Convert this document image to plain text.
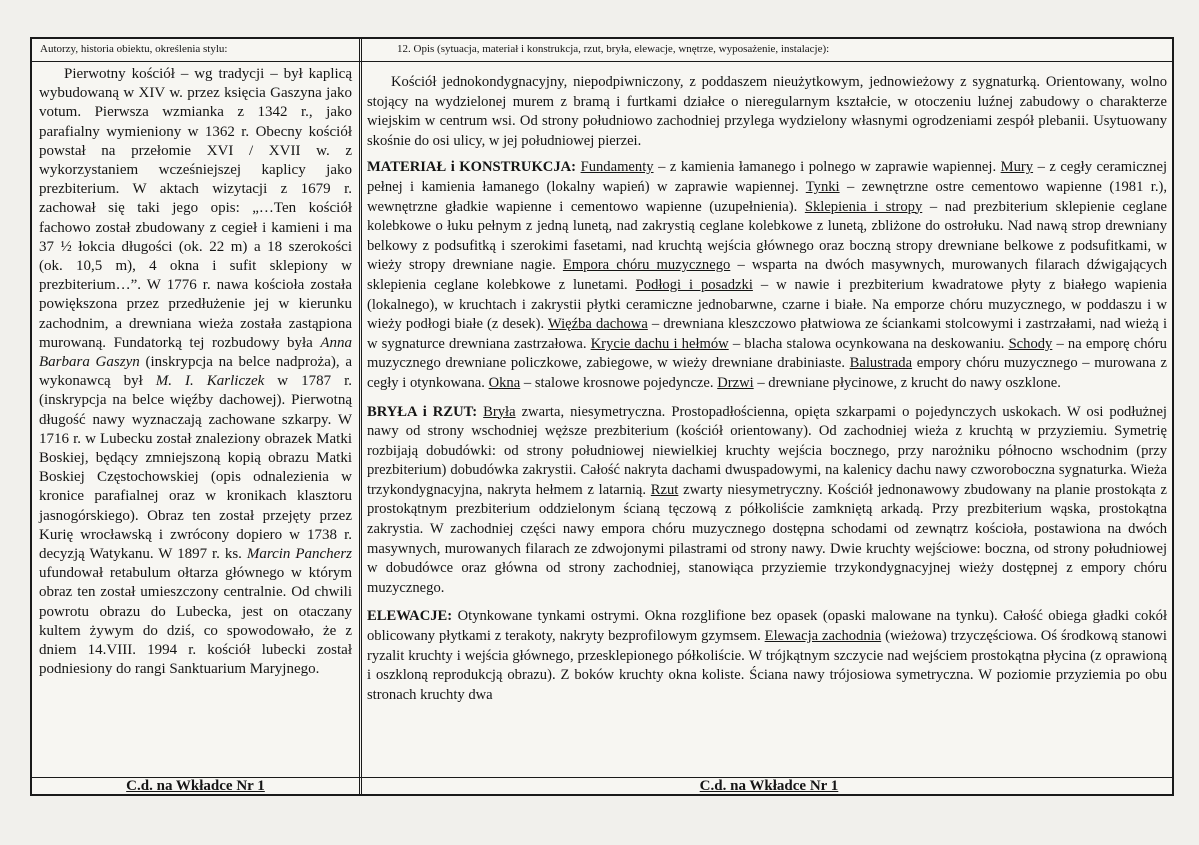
Autorzy, historia obiektu, określenia stylu:	12. Opis (sytuacja, materiał i konstrukcja, rzut, bryła, elewacje, wnętrze, wyposażenie, instalacje):

Pierwotny kościół – wg tradycji – był kaplicą wybudowaną w XIV w. przez księcia Gaszyna jako votum. Pierwsza wzmianka z 1342 r., jako parafialny wymieniony w 1362 r. Obecny kościół powstał na przełomie XVI / XVII w. z wykorzystaniem wcześniejszej kaplicy jako prezbiterium. W aktach wizytacji z 1679 r. zachował się taki jego opis: „…Ten kościół fachowo został zbudowany z cegieł i kamieni i ma 37 ½ łokcia długości (ok. 22 m) a 18 szerokości (ok. 10,5 m), 4 okna i sufit sklepiony w prezbiterium…”. W 1776 r. nawa kościoła została powiększona przez przedłużenie jej w kierunku zachodnim, a drewniana wieża została zastąpiona murowaną. Fundatorką tej rozbudowy była Anna Barbara Gaszyn (inskrypcja na belce nadproża), a wykonawcą był M. I. Karliczek w 1787 r. (inskrypcja na belce więźby dachowej). Pierwotną długość nawy wyznaczają zachowane szkarpy. W 1716 r. w Lubecku został znaleziony obrazek Matki Boskiej, będący zmniejszoną kopią obrazu Matki Boskiej Częstochowskiej (opis odnalezienia w kronice parafialnej oraz w kronikach klasztoru jasnogórskiego). Obraz ten został przejęty przez Kurię wrocławską i zwrócony dopiero w 1738 r. decyzją Watykanu. W 1897 r. ks. Marcin Pancherz ufundował retabulum ołtarza głównego w którym obraz ten został umieszczony centralnie. Od chwili powrotu obrazu do Lubecka, jest on otaczany kultem żywym do dziś, co spowodowało, że z dniem 14.VIII. 1994 r. kościół lubecki został podniesiony do rangi Sanktuarium Maryjnego.

Kościół jednokondygnacyjny, niepodpiwniczony, z poddaszem nieużytkowym, jednowieżowy z sygnaturką. Orientowany, wolno stojący na wydzielonej murem z bramą i furtkami działce o nieregularnym kształcie, w otoczeniu luźnej zabudowy o charakterze wiejskim w centrum wsi. Od strony południowo zachodniej przylega wydzielony własnymi ogrodzeniami zespół plebanii. Usytuowany skośnie do osi ulicy, w jej południowej pierzei.

MATERIAŁ i KONSTRUKCJA: Fundamenty – z kamienia łamanego i polnego w zaprawie wapiennej. Mury – z cegły ceramicznej pełnej i kamienia łamanego (lokalny wapień) w zaprawie wapiennej. Tynki – zewnętrzne ostre cementowo wapienne (1981 r.), wewnętrzne gładkie wapienne i cementowo wapienne (uzupełnienia). Sklepienia i stropy – nad prezbiterium sklepienie ceglane kolebkowe o łuku pełnym z jedną lunetą, nad zakrystią ceglane kolebkowe z lunetą, zbliżone do ostrołuku. Nad nawą strop drewniany belkowy z podsufitką i szerokimi fasetami, nad kruchtą wejścia głównego oraz boczną stropy drewniane belkowe z podsufitkami, w wieży stropy drewniane nagie. Empora chóru muzycznego – wsparta na dwóch masywnych, murowanych filarach dźwigających sklepienia ceglane kolebkowe z lunetami. Podłogi i posadzki – w nawie i prezbiterium kwadratowe płyty z białego wapienia (lokalnego), w kruchtach i zakrystii płytki ceramiczne jednobarwne, czarne i białe. Na emporze chóru muzycznego, w poddaszu i w wieży podłogi białe (z desek). Więźba dachowa – drewniana kleszczowo płatwiowa ze ściankami stolcowymi i zastrzałami, nad wieżą i w sygnaturce drewniana zastrzałowa. Krycie dachu i hełmów – blacha stalowa ocynkowana na deskowaniu. Schody – na emporę chóru muzycznego drewniane policzkowe, zabiegowe, w wieży drewniane drabiniaste. Balustrada empory chóru muzycznego – murowana z cegły i otynkowana. Okna – stalowe krosnowe pojedyncze. Drzwi – drewniane płycinowe, z krucht do nawy oszklone.

BRYŁA i RZUT: Bryła zwarta, niesymetryczna. Prostopadłościenna, opięta szkarpami o pojedynczych uskokach. W osi podłużnej nawy od strony wschodniej węższe prezbiterium (kościół orientowany). Od zachodniej wieża z kruchtą w przyziemiu. Symetrię rozbijają dobudówki: od strony południowej niewielkiej kruchty wejścia bocznego, przy narożniku północno wschodnim (przy prezbiterium) dobudówka zakrystii. Całość nakryta dachami dwuspadowymi, na kalenicy dachu nawy czworoboczna sygnaturka. Wieża trzykondygnacyjna, nakryta hełmem z latarnią. Rzut zwarty niesymetryczny. Kościół jednonawowy zbudowany na planie prostokąta z prostokątnym prezbiterium oddzielonym ścianą tęczową z półkoliście zamkniętą arkadą. Przy prezbiterium wąska, prostokątna zakrystia. W zachodniej części nawy empora chóru muzycznego dostępna schodami od zewnątrz kościoła, postawiona na dwóch masywnych, murowanych filarach ze zdwojonymi pilastrami od strony nawy. Dwie kruchty wejściowe: boczna, od strony południowej w dobudówce oraz główna od strony zachodniej, stanowiąca przyziemie trzykondygnacyjnej wieży dostępnej z empory chóru muzycznego.

ELEWACJE: Otynkowane tynkami ostrymi. Okna rozglifione bez opasek (opaski malowane na tynku). Całość obiega gładki cokół oblicowany płytkami z terakoty, nakryty bezprofilowym gzymsem. Elewacja zachodnia (wieżowa) trzyczęściowa. Oś środkową stanowi ryzalit kruchty i wejścia głównego, przesklepionego półkoliście. W trójkątnym szczycie nad wejściem prostokątna płycina (z oprawioną i oszkloną reprodukcją obrazu). Z boków kruchty okna koliste. Ściana nawy trójosiowa symetryczna. W poziomie przyziemia po obu stronach kruchty dwa

C.d. na Wkładce Nr 1	C.d. na Wkładce Nr 1
